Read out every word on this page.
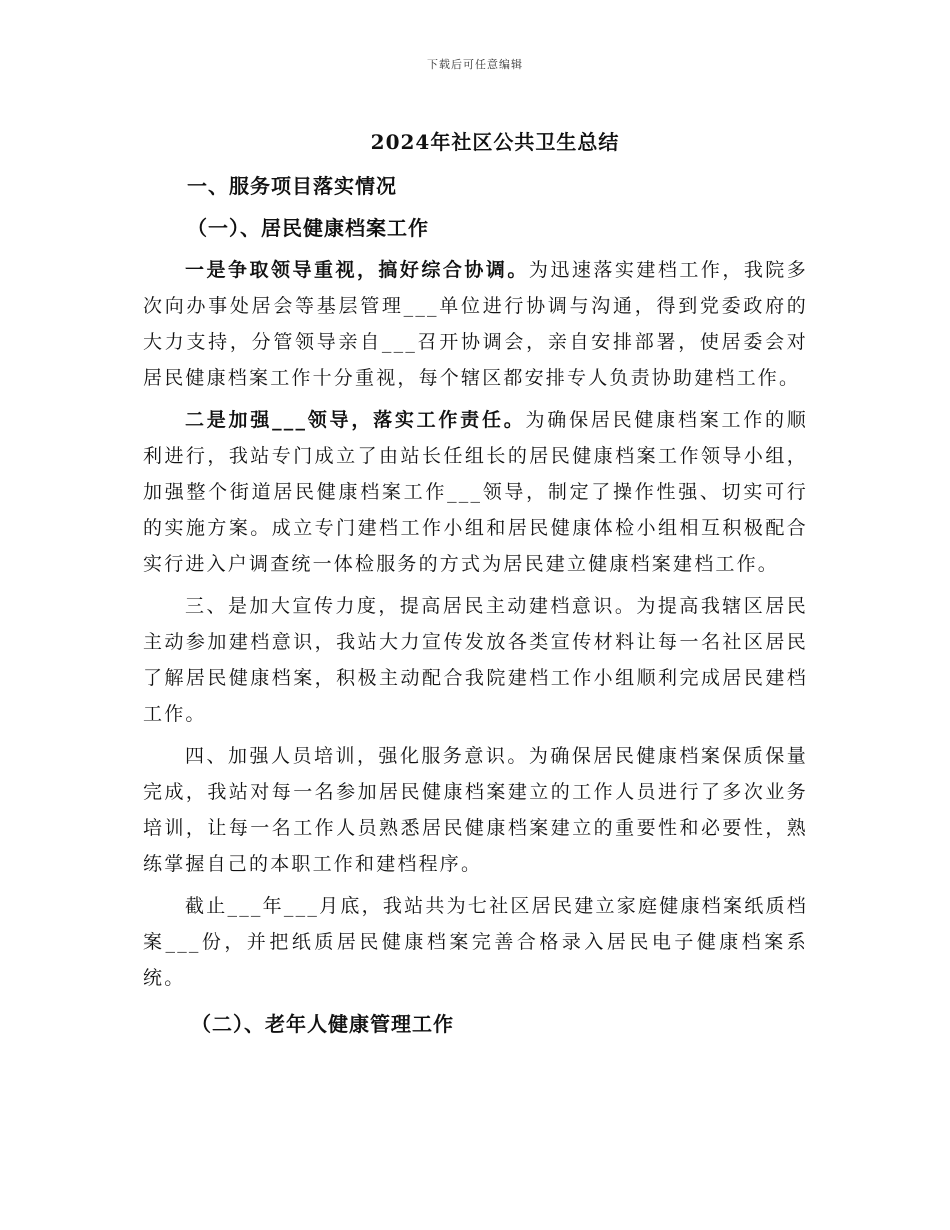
下载后可任意编辑
2024年社区公共卫生总结
一、服务项目落实情况
（一）、居民健康档案工作

一是争取领导重视，搞好综合协调。为迅速落实建档工作，我院多次向办事处居会等基层管理___单位进行协调与沟通，得到党委政府的大力支持，分管领导亲自___召开协调会，亲自安排部署，使居委会对居民健康档案工作十分重视，每个辖区都安排专人负责协助建档工作。

二是加强___领导，落实工作责任。为确保居民健康档案工作的顺利进行，我站专门成立了由站长任组长的居民健康档案工作领导小组，加强整个街道居民健康档案工作___领导，制定了操作性强、切实可行的实施方案。成立专门建档工作小组和居民健康体检小组相互积极配合实行进入户调查统一体检服务的方式为居民建立健康档案建档工作。

三、是加大宣传力度，提高居民主动建档意识。为提高我辖区居民主动参加建档意识，我站大力宣传发放各类宣传材料让每一名社区居民了解居民健康档案，积极主动配合我院建档工作小组顺利完成居民建档工作。

四、加强人员培训，强化服务意识。为确保居民健康档案保质保量完成，我站对每一名参加居民健康档案建立的工作人员进行了多次业务培训，让每一名工作人员熟悉居民健康档案建立的重要性和必要性，熟练掌握自己的本职工作和建档程序。

截止___年___月底，我站共为七社区居民建立家庭健康档案纸质档案___份，并把纸质居民健康档案完善合格录入居民电子健康档案系统。

（二）、老年人健康管理工作
